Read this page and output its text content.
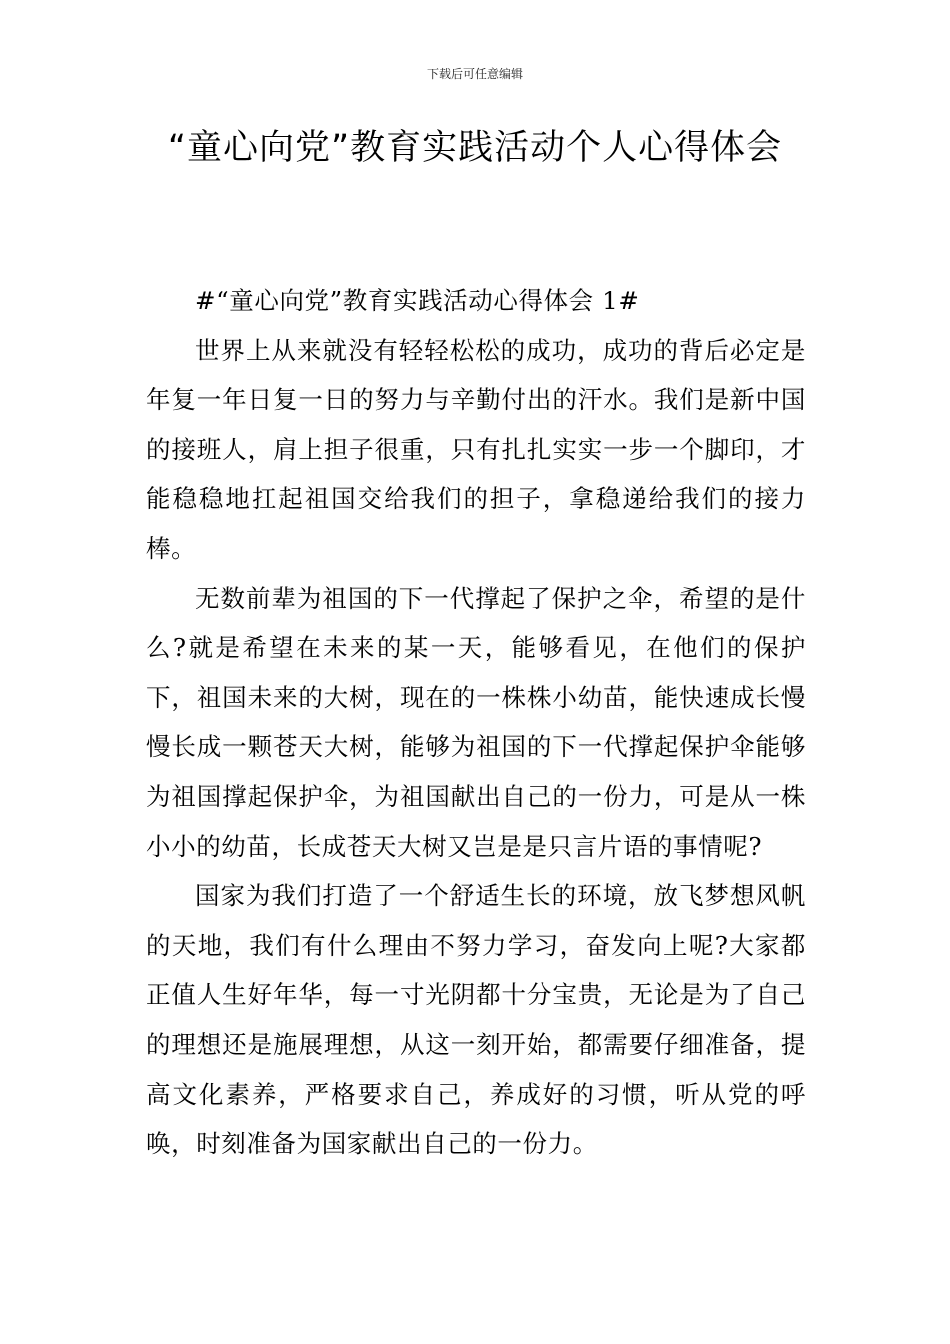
下载后可任意编辑
“童心向党”教育实践活动个人心得体会
#“童心向党”教育实践活动心得体会 1#

世界上从来就没有轻轻松松的成功，成功的背后必定是年复一年日复一日的努力与辛勤付出的汗水。我们是新中国的接班人，肩上担子很重，只有扎扎实实一步一个脚印，才能稳稳地扛起祖国交给我们的担子，拿稳递给我们的接力棒。

无数前辈为祖国的下一代撑起了保护之伞，希望的是什么?就是希望在未来的某一天，能够看见，在他们的保护下，祖国未来的大树，现在的一株株小幼苗，能快速成长慢慢长成一颗苍天大树，能够为祖国的下一代撑起保护伞能够为祖国撑起保护伞，为祖国献出自己的一份力，可是从一株小小的幼苗，长成苍天大树又岂是是只言片语的事情呢?

国家为我们打造了一个舒适生长的环境，放飞梦想风帆的天地，我们有什么理由不努力学习，奋发向上呢?大家都正值人生好年华，每一寸光阴都十分宝贵，无论是为了自己的理想还是施展理想，从这一刻开始，都需要仔细准备，提高文化素养，严格要求自己，养成好的习惯，听从党的呼唤，时刻准备为国家献出自己的一份力。
